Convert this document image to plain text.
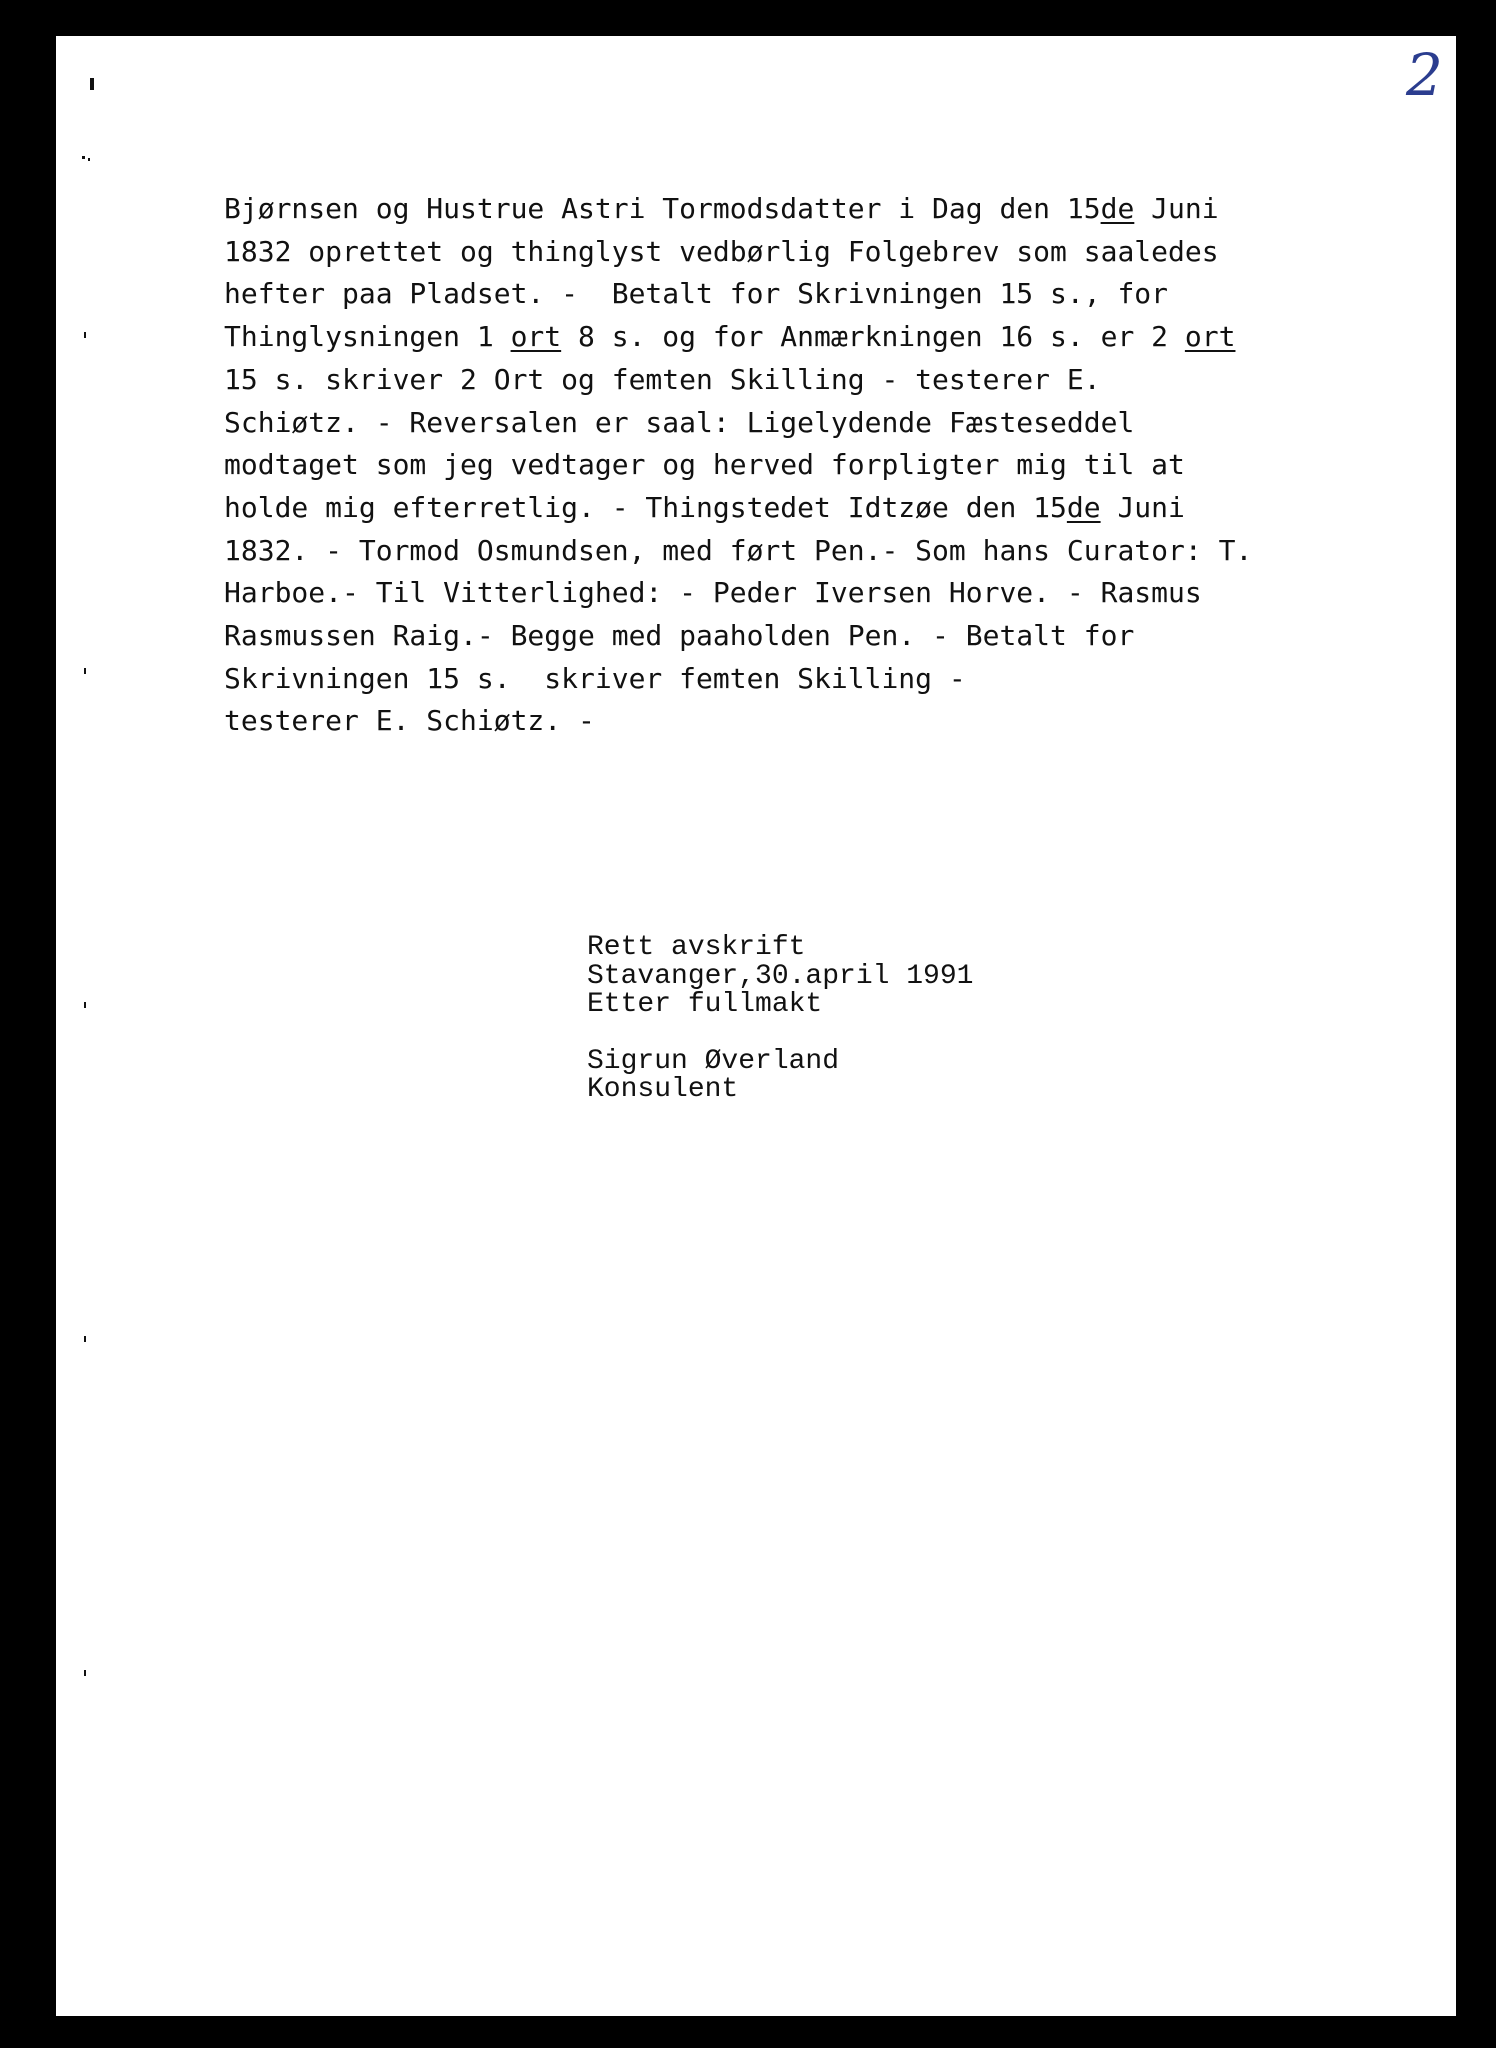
2
Bjørnsen og Hustrue Astri Tormodsdatter i Dag den 15de Juni
1832 oprettet og thinglyst vedbørlig Folgebrev som saaledes
hefter paa Pladset. -  Betalt for Skrivningen 15 s., for
Thinglysningen 1 ort 8 s. og for Anmærkningen 16 s. er 2 ort
15 s. skriver 2 Ort og femten Skilling - testerer E.
Schiøtz. - Reversalen er saal: Ligelydende Fæsteseddel
modtaget som jeg vedtager og herved forpligter mig til at
holde mig efterretlig. - Thingstedet Idtzøe den 15de Juni
1832. - Tormod Osmundsen, med ført Pen.- Som hans Curator: T.
Harboe.- Til Vitterlighed: - Peder Iversen Horve. - Rasmus
Rasmussen Raig.- Begge med paaholden Pen. - Betalt for
Skrivningen 15 s.  skriver femten Skilling -
testerer E. Schiøtz. -
Rett avskrift
Stavanger,30.april 1991
Etter fullmakt
Sigrun Øverland
Konsulent
